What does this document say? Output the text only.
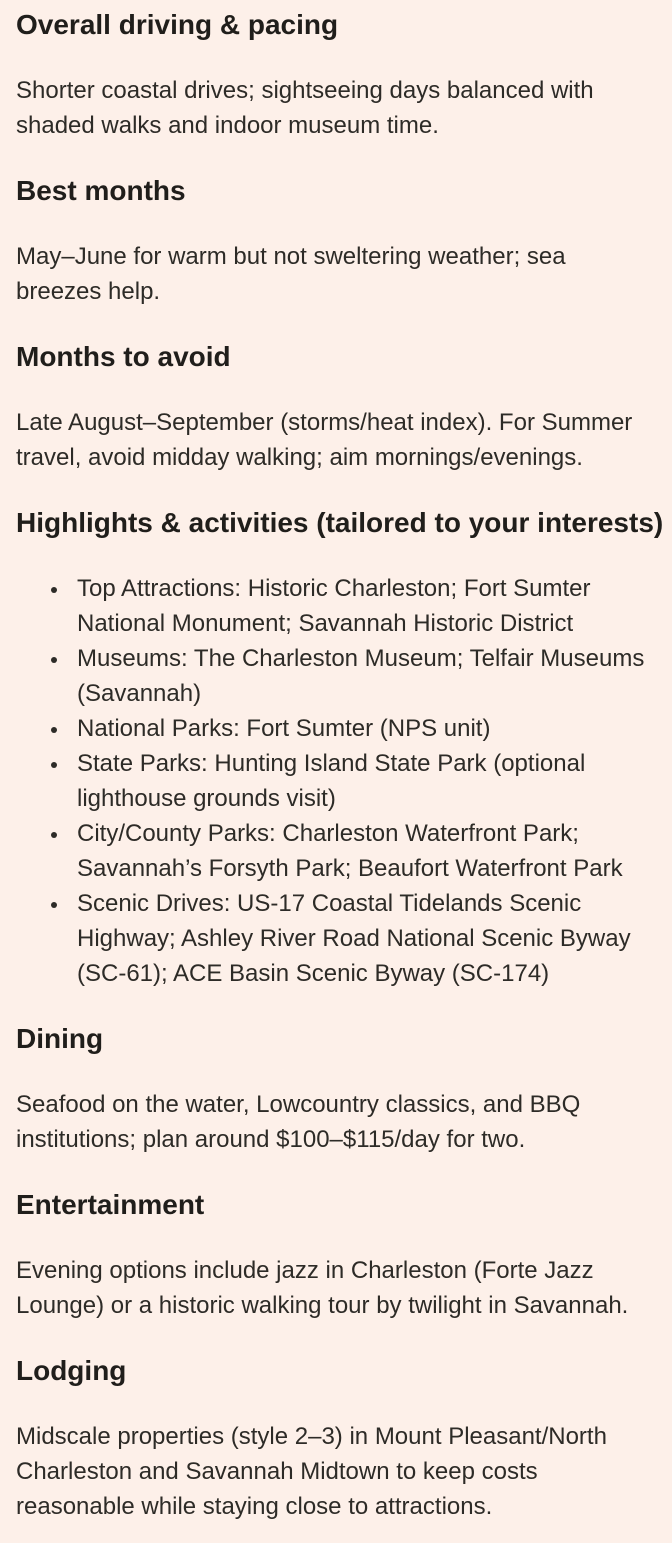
Overall driving & pacing

Shorter coastal drives; sightseeing days balanced with shaded walks and indoor museum time.

Best months

May–June for warm but not sweltering weather; sea breezes help.

Months to avoid

Late August–September (storms/heat index). For Summer travel, avoid midday walking; aim mornings/evenings.

Highlights & activities (tailored to your interests)
Top Attractions: Historic Charleston; Fort Sumter National Monument; Savannah Historic District
Museums: The Charleston Museum; Telfair Museums (Savannah)
National Parks: Fort Sumter (NPS unit)
State Parks: Hunting Island State Park (optional lighthouse grounds visit)
City/County Parks: Charleston Waterfront Park; Savannah’s Forsyth Park; Beaufort Waterfront Park
Scenic Drives: US-17 Coastal Tidelands Scenic Highway; Ashley River Road National Scenic Byway (SC-61); ACE Basin Scenic Byway (SC-174)
Dining

Seafood on the water, Lowcountry classics, and BBQ institutions; plan around $100–$115/day for two.

Entertainment

Evening options include jazz in Charleston (Forte Jazz Lounge) or a historic walking tour by twilight in Savannah.

Lodging

Midscale properties (style 2–3) in Mount Pleasant/North Charleston and Savannah Midtown to keep costs reasonable while staying close to attractions.
